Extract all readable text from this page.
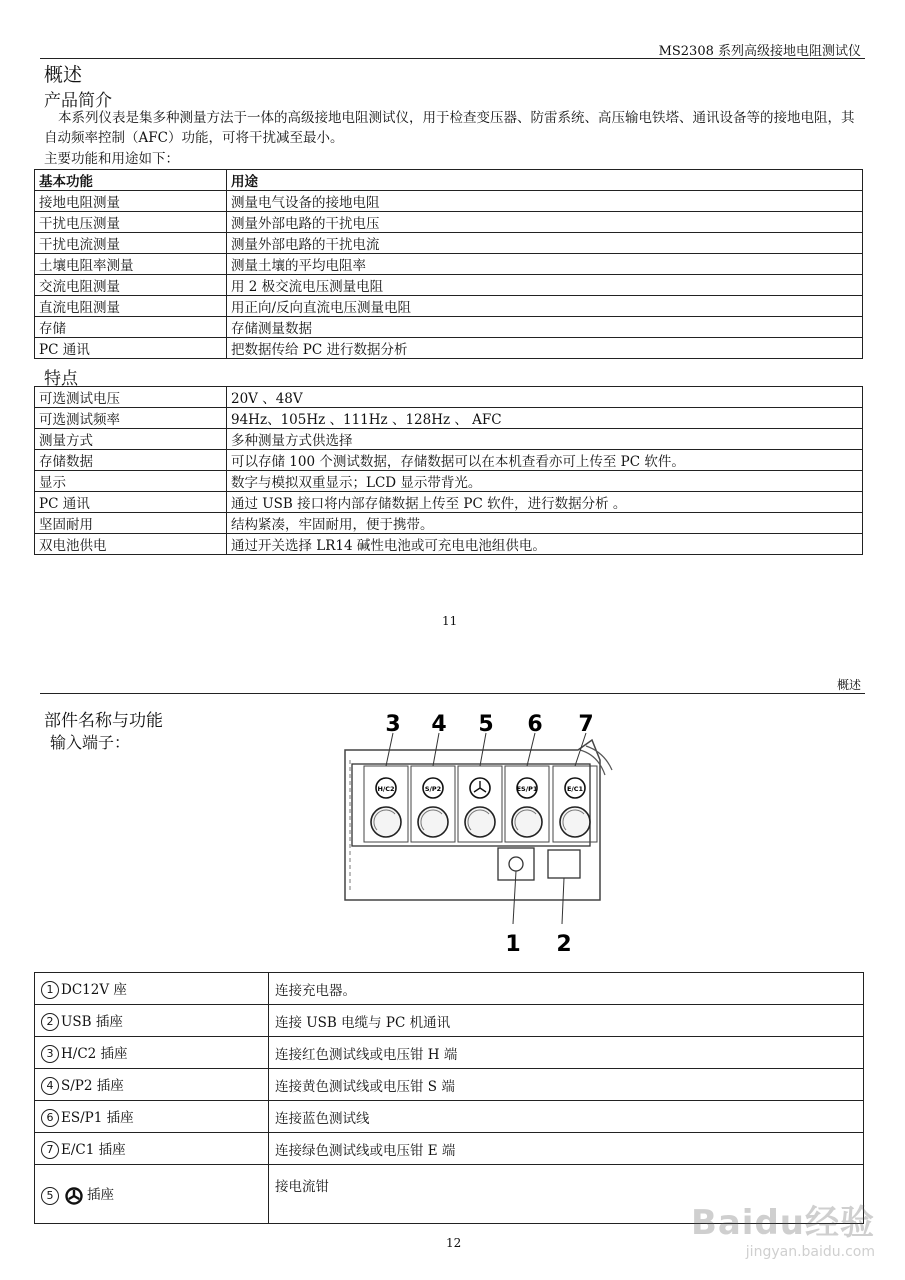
MS2308 系列高级接地电阻测试仪
概述
产品简介
本系列仪表是集多种测量方法于一体的高级接地电阻测试仪，用于检查变压器、防雷系统、高压输电铁塔、通讯设备等的接地电阻，其自动频率控制（AFC）功能，可将干扰减至最小。
主要功能和用途如下：
基本功能	用途
接地电阻测量	测量电气设备的接地电阻
干扰电压测量	测量外部电路的干扰电压
干扰电流测量	测量外部电路的干扰电流
土壤电阻率测量	测量土壤的平均电阻率
交流电阻测量	用 2 极交流电压测量电阻
直流电阻测量	用正向/反向直流电压测量电阻
存储	存储测量数据
PC 通讯	把数据传给 PC 进行数据分析
特点
可选测试电压	20V 、48V
可选测试频率	94Hz、105Hz 、111Hz 、128Hz 、 AFC
测量方式	多种测量方式供选择
存储数据	可以存储 100 个测试数据，存储数据可以在本机查看亦可上传至 PC 软件。
显示	数字与模拟双重显示；LCD 显示带背光。
PC 通讯	通过 USB 接口将内部存储数据上传至 PC 软件，进行数据分析 。
坚固耐用	结构紧凑，牢固耐用，便于携带。
双电池供电	通过开关选择 LR14 碱性电池或可充电电池组供电。
11
概述
部件名称与功能
输入端子：
H/C2	S/P2	ES/P1	E/C1
3 4 5 6 7
1 2
1 DC12V 座	连接充电器。
2 USB 插座	连接 USB 电缆与 PC 机通讯
3 H/C2 插座	连接红色测试线或电压钳 H 端
4 S/P2 插座	连接黄色测试线或电压钳 S 端
6 ES/P1 插座	连接蓝色测试线
7 E/C1 插座	连接绿色测试线或电压钳 E 端
5 插座	接电流钳
12	Baidu经验
jingyan.baidu.com
